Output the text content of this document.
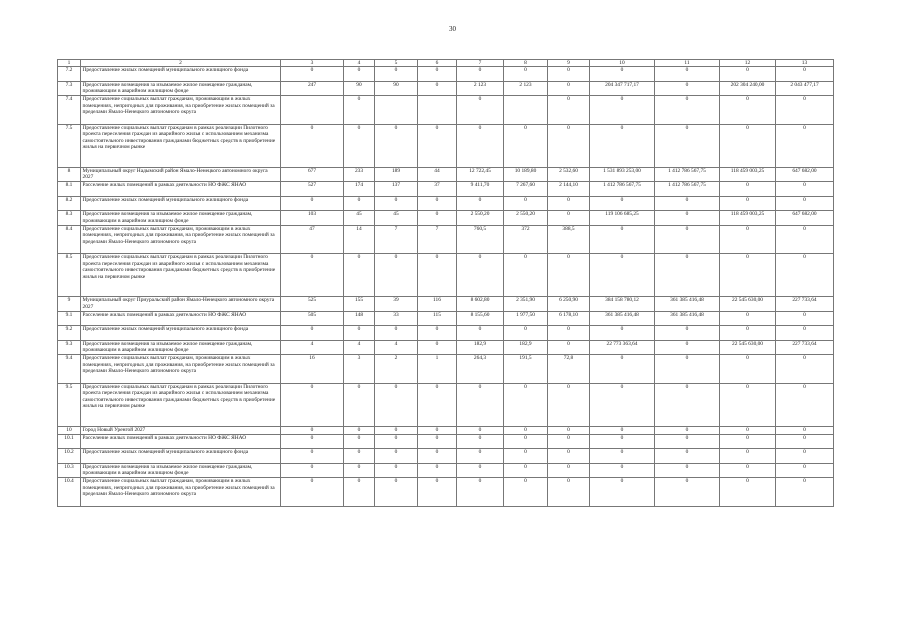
30
1	2	3	4	5	6	7	8	9	10	11	12	13
7.2	Предоставление жилых помещений муниципального жилищного фонда	0	0	0	0	0	0	0	0	0	0	0
7.3	Предоставление возмещения за изымаемое жилое помещение гражданам, проживающим в аварийном жилищном фонде	247	90	90	0	2 123	2 123	0	204 347 717,17	0	202 304 240,00	2 043 477,17
7.4	Предоставление социальных выплат гражданам, проживающим в жилых помещениях, непригодных для проживания, на приобретение жилых помещений за пределами Ямало-Ненецкого автономного округа		0			0		0	0	0	0	0
7.5	Предоставление социальных выплат гражданам в рамках реализации Пилотного проекта переселения граждан из аварийного жилья с использованием механизма самостоятельного инвестирования гражданами бюджетных средств в приобретение жилья на первичном рынке	0	0	0	0	0	0	0	0	0	0	0
8	Муниципальный округ Надымский район Ямало-Ненецкого автономного округа 2027	677	233	189	44	12 722,45	10 189,80	2 532,60	1 531 893 253,00	1 412 786 567,75	118 459 003,25	647 682,00
8.1	Расселение жилых помещений в рамках деятельности НО ФЖС ЯНАО	527	174	137	37	9 411,70	7 267,60	2 144,10	1 412 786 567,75	1 412 786 567,75	0	0
8.2	Предоставление жилых помещений муниципального жилищного фонда	0	0	0	0	0	0	0	0	0	0	0
8.3	Предоставление возмещения за изымаемое жилое помещение гражданам, проживающим в аварийном жилищном фонде	103	45	45	0	2 550,20	2 550,20	0	119 106 685,25	0	118 459 003,25	647 682,00
8.4	Предоставление социальных выплат гражданам, проживающим в жилых помещениях, непригодных для проживания, на приобретение жилых помещений за пределами Ямало-Ненецкого автономного округа	47	14	7	7	760,5	372	388,5	0	0	0	0
8.5	Предоставление социальных выплат гражданам в рамках реализации Пилотного проекта переселения граждан из аварийного жилья с использованием механизма самостоятельного инвестирования гражданами бюджетных средств в приобретение жилья на первичном рынке	0	0	0	0	0	0	0	0	0	0	0
9	Муниципальный округ Приуральский район Ямало-Ненецкого автономного округа 2027	525	155	39	116	8 602,80	2 351,90	6 250,90	384 158 780,12	361 385 416,48	22 545 630,00	227 733,64
9.1	Расселение жилых помещений в рамках деятельности НО ФЖС ЯНАО	505	148	33	115	8 155,60	1 977,50	6 178,10	361 385 416,48	361 385 416,48	0	0
9.2	Предоставление жилых помещений муниципального жилищного фонда	0	0	0	0	0	0	0	0	0	0	0
9.3	Предоставление возмещения за изымаемое жилое помещение гражданам, проживающим в аварийном жилищном фонде	4	4	4	0	182,9	182,9	0	22 773 363,64	0	22 545 630,00	227 733,64
9.4	Предоставление социальных выплат гражданам, проживающим в жилых помещениях, непригодных для проживания, на приобретение жилых помещений за пределами Ямало-Ненецкого автономного округа	16	3	2	1	264,3	191,5	72,8	0	0	0	0
9.5	Предоставление социальных выплат гражданам в рамках реализации Пилотного проекта переселения граждан из аварийного жилья с использованием механизма самостоятельного инвестирования гражданами бюджетных средств в приобретение жилья на первичном рынке	0	0	0	0	0	0	0	0	0	0	0
10	Город Новый Уренгой 2027	0	0	0	0	0	0	0	0	0	0	0
10.1	Расселение жилых помещений в рамках деятельности НО ФЖС ЯНАО	0	0	0	0	0	0	0	0	0	0	0
10.2	Предоставление жилых помещений муниципального жилищного фонда	0	0	0	0	0	0	0	0	0	0	0
10.3	Предоставление возмещения за изымаемое жилое помещение гражданам, проживающим в аварийном жилищном фонде	0	0	0	0	0	0	0	0	0	0	0
10.4	Предоставление социальных выплат гражданам, проживающим в жилых помещениях, непригодных для проживания, на приобретение жилых помещений за пределами Ямало-Ненецкого автономного округа	0	0	0	0	0	0	0	0	0	0	0
